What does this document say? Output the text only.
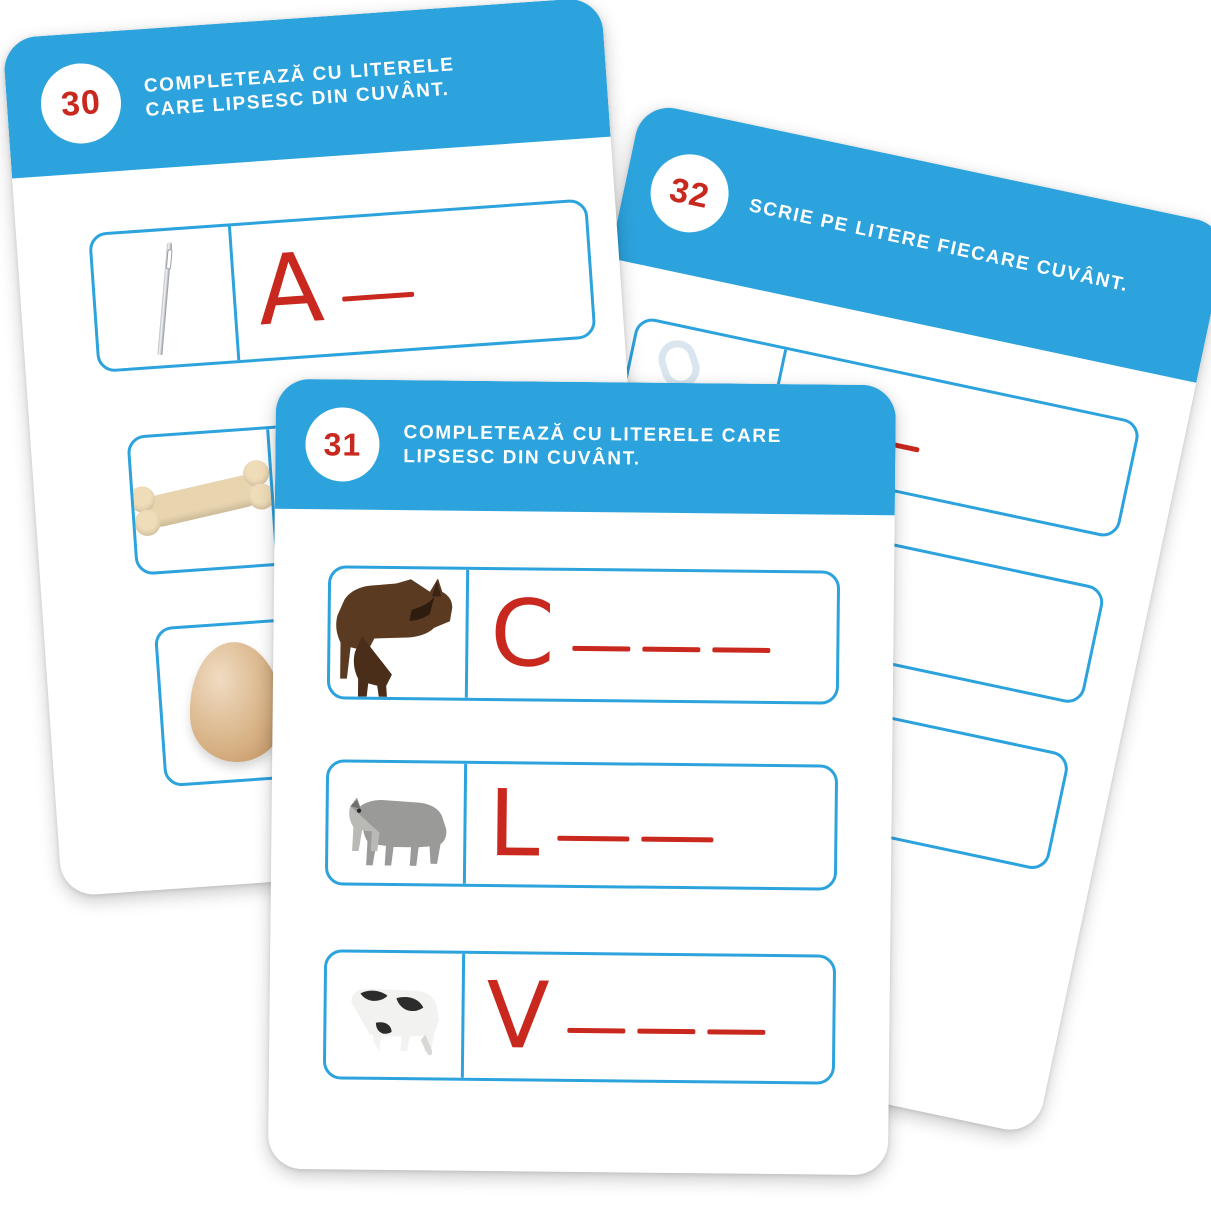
32
SCRIE PE LITERE FIECARE CUVÂNT.
30
COMPLETEAZĂ CU LITERELE CARE LIPSESC DIN CUVÂNT.
A
31 COMPLETEAZĂ CU LITERELE CARE LIPSESC DIN CUVÂNT.
C
L
V
